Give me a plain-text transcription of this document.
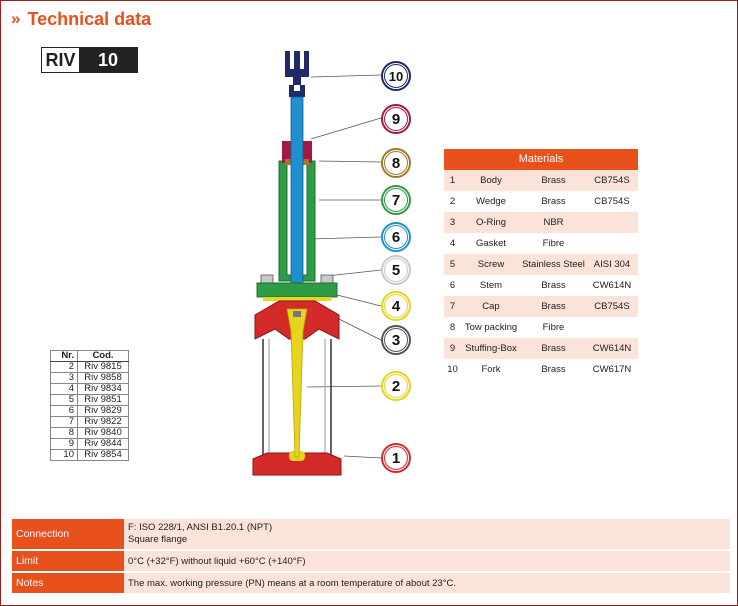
» Technical data
RIV	10
Nr.	Cod.
2	Riv 9815
3	Riv 9858
4	Riv 9834
5	Riv 9851
6	Riv 9829
7	Riv 9822
8	Riv 9840
9	Riv 9844
10	Riv 9854
10
9
8
7
6
5
4
3
2
1
Materials
1	Body	Brass	CB754S
2	Wedge	Brass	CB754S
3	O-Ring	NBR	
4	Gasket	Fibre	
5	Screw	Stainless Steel	AISI 304
6	Stem	Brass	CW614N
7	Cap	Brass	CB754S
8	Tow packing	Fibre	
9	Stuffing-Box	Brass	CW614N
10	Fork	Brass	CW617N
Connection	F: ISO 228/1, ANSI B1.20.1 (NPT)
Square flange

Limit	0°C (+32°F) without liquid +60°C (+140°F)
Notes	The max. working pressure (PN) means at a room temperature of about 23°C.
